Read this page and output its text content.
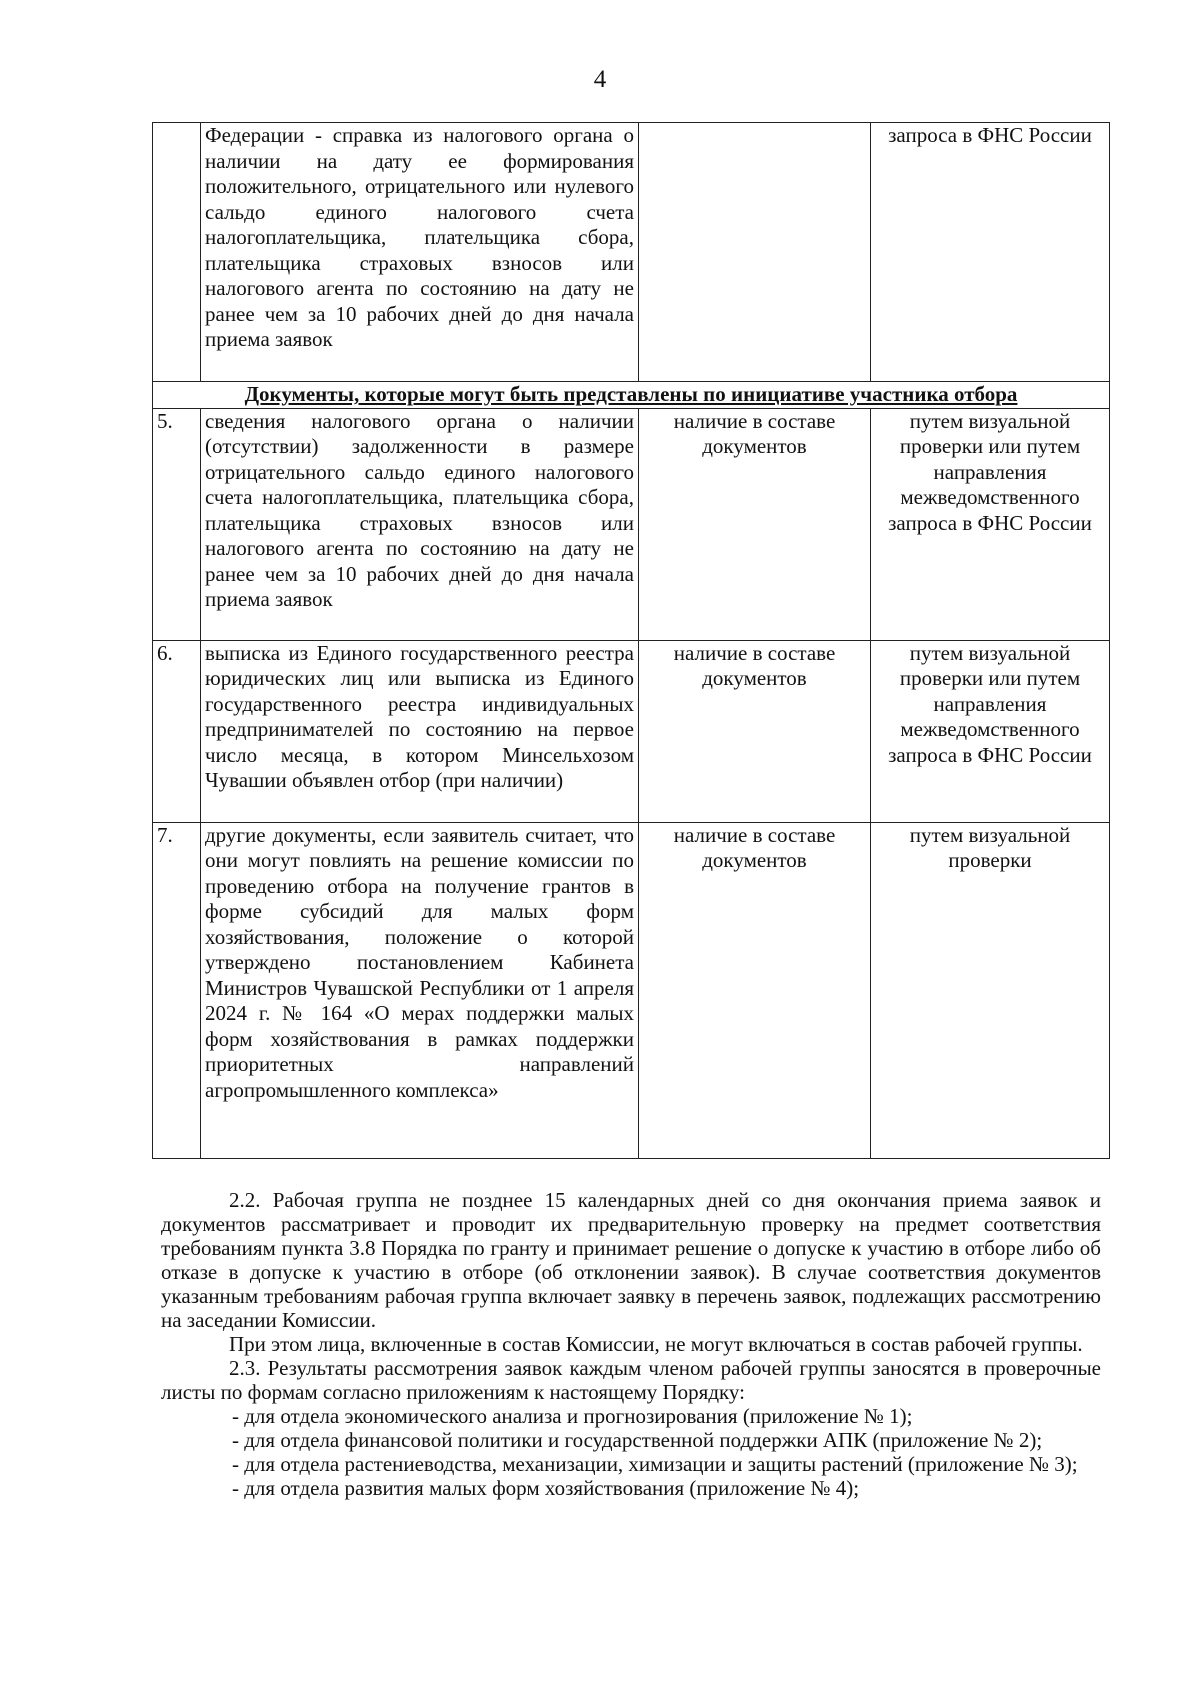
4
	Федерации - справка из налогового органа о наличии на дату ее формирования положительного, отрицательного или нулевого сальдо единого налогового счета налогоплательщика, плательщика сбора, плательщика страховых взносов или налогового агента по состоянию на дату не ранее чем за 10 рабочих дней до дня начала приема заявок		запроса в ФНС России
Документы, которые могут быть представлены по инициативе участника отбора			
5.	сведения налогового органа о наличии (отсутствии) задолженности в размере отрицательного сальдо единого налогового счета налогоплательщика, плательщика сбора, плательщика страховых взносов или налогового агента по состоянию на дату не ранее чем за 10 рабочих дней до дня начала приема заявок	наличие в составе документов	путем визуальной проверки или путем направления межведомственного запроса в ФНС России
6.	выписка из Единого государственного реестра юридических лиц или выписка из Единого государственного реестра индивидуальных предпринимателей по состоянию на первое число месяца, в котором Минсельхозом Чувашии объявлен отбор (при наличии)	наличие в составе документов	путем визуальной проверки или путем направления межведомственного запроса в ФНС России
7.	другие документы, если заявитель считает, что они могут повлиять на решение комиссии по проведению отбора на получение грантов в форме субсидий для малых форм хозяйствования, положение о которой утверждено постановлением Кабинета Министров Чувашской Республики от 1 апреля 2024 г. № 164 «О мерах поддержки малых форм хозяйствования в рамках поддержки приоритетных направлений агропромышленного комплекса»	наличие в составе документов	путем визуальной проверки

2.2. Рабочая группа не позднее 15 календарных дней со дня окончания приема заявок и документов рассматривает и проводит их предварительную проверку на предмет соответствия требованиям пункта 3.8 Порядка по гранту и принимает решение о допуске к участию в отборе либо об отказе в допуске к участию в отборе (об отклонении заявок). В случае соответствия документов указанным требованиям рабочая группа включает заявку в перечень заявок, подлежащих рассмотрению на заседании Комиссии.

При этом лица, включенные в состав Комиссии, не могут включаться в состав рабочей группы.

2.3. Результаты рассмотрения заявок каждым членом рабочей группы заносятся в проверочные листы по формам согласно приложениям к настоящему Порядку:

- для отдела экономического анализа и прогнозирования (приложение № 1);

- для отдела финансовой политики и государственной поддержки АПК (приложение № 2);

- для отдела растениеводства, механизации, химизации и защиты растений (приложение № 3);

- для отдела развития малых форм хозяйствования (приложение № 4);
